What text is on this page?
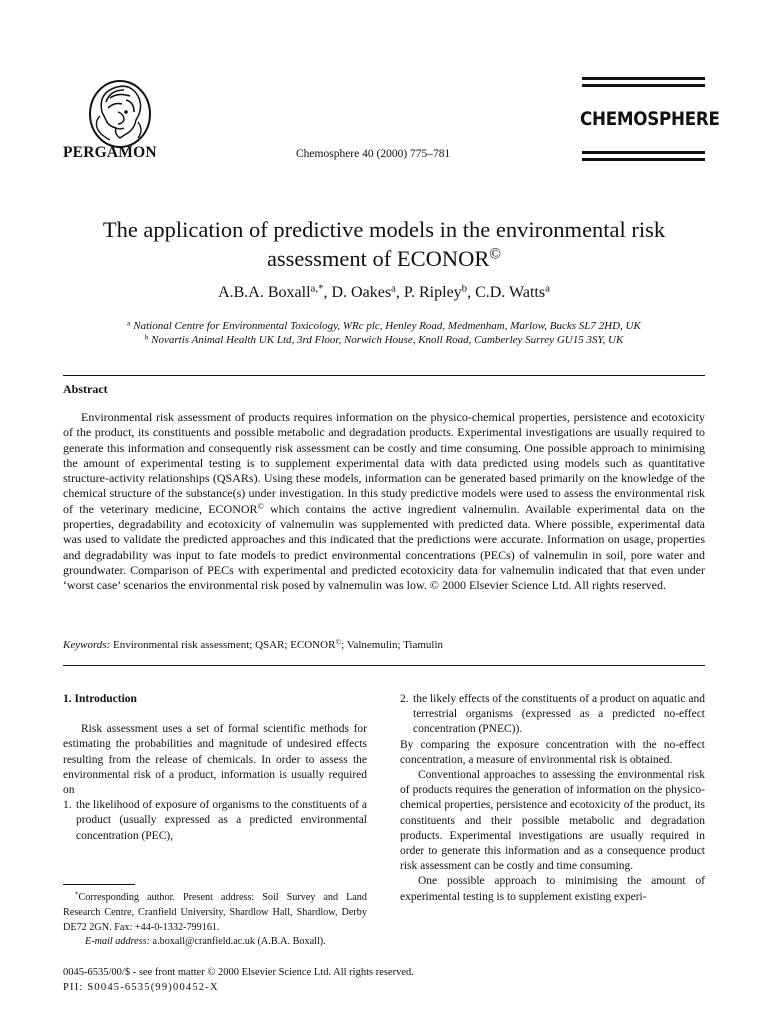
PERGAMON	Chemosphere 40 (2000) 775–781
CHEMOSPHERE
The application of predictive models in the environmental risk
assessment of ECONOR©
A.B.A. Boxall$^{a,*}$, D. Oakes$^a$, P. Ripley$^b$, C.D. Watts$^a$
$^a$ National Centre for Environmental Toxicology, WRc plc, Henley Road, Medmenham, Marlow, Bucks SL7 2HD, UK
$^b$ Novartis Animal Health UK Ltd, 3rd Floor, Norwich House, Knoll Road, Camberley Surrey GU15 3SY, UK
Abstract

Environmental risk assessment of products requires information on the physico-chemical properties, persistence and ecotoxicity of the product, its constituents and possible metabolic and degradation products. Experimental investigations are usually required to generate this information and consequently risk assessment can be costly and time consuming. One possible approach to minimising the amount of experimental testing is to supplement experimental data with data predicted using models such as quantitative structure-activity relationships (QSARs). Using these models, information can be generated based primarily on the knowledge of the chemical structure of the substance(s) under investigation. In this study predictive models were used to assess the environmental risk of the veterinary medicine, ECONOR© which contains the active ingredient valnemulin. Available experimental data on the properties, degradability and ecotoxicity of valnemulin was supplemented with predicted data. Where possible, experimental data was used to validate the predicted approaches and this indicated that the predictions were accurate. Information on usage, properties and degradability was input to fate models to predict environmental concentrations (PECs) of valnemulin in soil, pore water and groundwater. Comparison of PECs with experimental and predicted ecotoxicity data for valnemulin indicated that that even under ‘worst case’ scenarios the environmental risk posed by valnemulin was low. © 2000 Elsevier Science Ltd. All rights reserved.

Keywords: Environmental risk assessment; QSAR; ECONOR©; Valnemulin; Tiamulin
1. Introduction

Risk assessment uses a set of formal scientific methods for estimating the probabilities and magnitude of undesired effects resulting from the release of chemicals. In order to assess the environmental risk of a product, information is usually required on

1. the likelihood of exposure of organisms to the constituents of a product (usually expressed as a predicted environmental concentration (PEC),

*Corresponding author. Present address: Soil Survey and Land Research Centre, Cranfield University, Shardlow Hall, Shardlow, Derby DE72 2GN. Fax: +44-0-1332-799161.

E-mail address: a.boxall@cranfield.ac.uk (A.B.A. Boxall).

2. the likely effects of the constituents of a product on aquatic and terrestrial organisms (expressed as a predicted no-effect concentration (PNEC)).

By comparing the exposure concentration with the no-effect concentration, a measure of environmental risk is obtained.

Conventional approaches to assessing the environmental risk of products requires the generation of information on the physico-chemical properties, persistence and ecotoxicity of the product, its constituents and their possible metabolic and degradation products. Experimental investigations are usually required in order to generate this information and as a consequence product risk assessment can be costly and time consuming.

One possible approach to minimising the amount of experimental testing is to supplement existing experi-

0045-6535/00/$ - see front matter © 2000 Elsevier Science Ltd. All rights reserved.
PII: S0045-6535(99)00452-X
